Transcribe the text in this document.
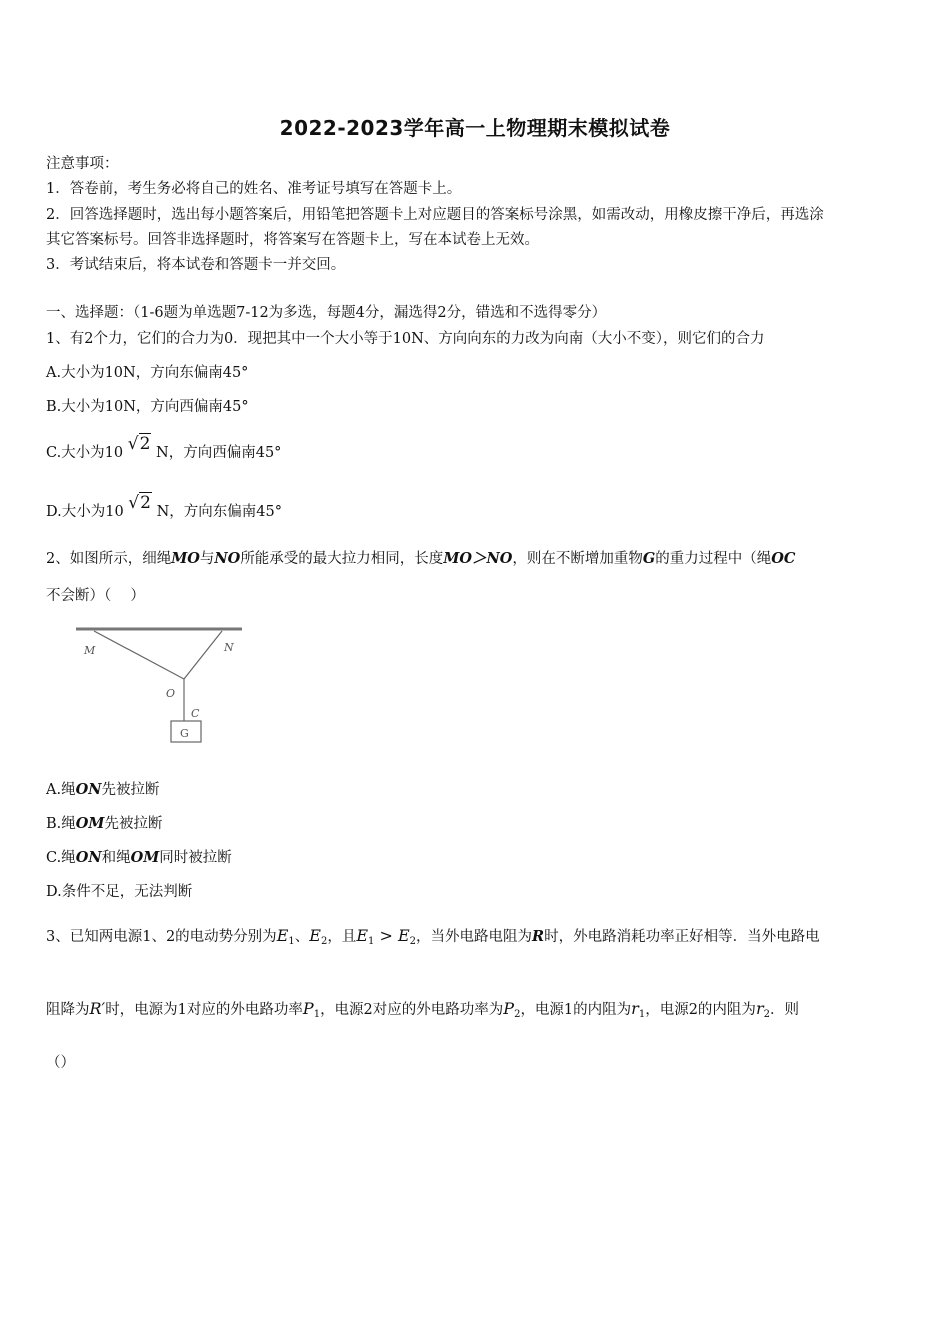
2022-2023学年高一上物理期末模拟试卷
注意事项：
1．答卷前，考生务必将自己的姓名、准考证号填写在答题卡上。
2．回答选择题时，选出每小题答案后，用铅笔把答题卡上对应题目的答案标号涂黑，如需改动，用橡皮擦干净后，再选涂
其它答案标号。回答非选择题时，将答案写在答题卡上，写在本试卷上无效。
3．考试结束后，将本试卷和答题卡一并交回。
一、选择题：（1-6题为单选题7-12为多选，每题4分，漏选得2分，错选和不选得零分）
1、有2个力，它们的合力为0．现把其中一个大小等于10N、方向向东的力改为向南（大小不变），则它们的合力
A.大小为10N，方向东偏南45°
B.大小为10N，方向西偏南45°
C.大小为10 √2 N，方向西偏南45°
D.大小为10 √2 N，方向东偏南45°
2、如图所示，细绳MO与NO所能承受的最大拉力相同，长度MO＞NO，则在不断增加重物G的重力过程中（绳OC
不会断）（　 ）
M	N
O
C
G
A.绳ON先被拉断
B.绳OM先被拉断
C.绳ON和绳OM同时被拉断
D.条件不足，无法判断
3、已知两电源1、2的电动势分别为$E_1$、$E_2$，且$E_1 > E_2$，当外电路电阻为R时，外电路消耗功率正好相等．当外电路电
阻降为R′时，电源为1对应的外电路功率$P_1$，电源2对应的外电路功率为$P_2$，电源1的内阻为$r_1$，电源2的内阻为$r_2$．则
（）
